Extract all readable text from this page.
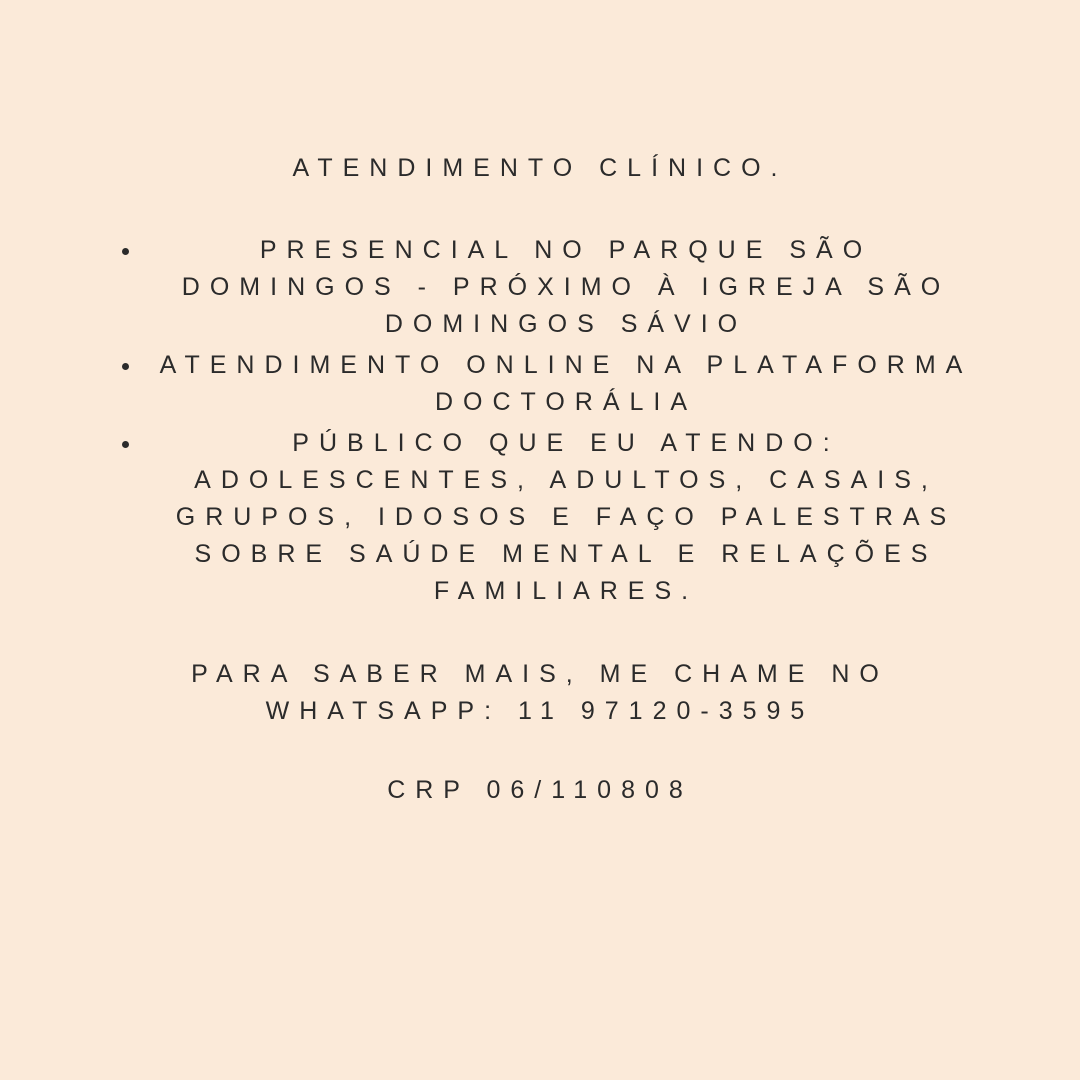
ATENDIMENTO CLÍNICO.
• PRESENCIAL NO PARQUE SÃO DOMINGOS - PRÓXIMO À IGREJA SÃO DOMINGOS SÁVIO
• ATENDIMENTO ONLINE NA PLATAFORMA DOCTORÁLIA
• PÚBLICO QUE EU ATENDO: ADOLESCENTES, ADULTOS, CASAIS, GRUPOS, IDOSOS E FAÇO PALESTRAS SOBRE SAÚDE MENTAL E RELAÇÕES FAMILIARES.

PARA SABER MAIS, ME CHAME NO

WHATSAPP: 11 97120-3595

CRP 06/110808
